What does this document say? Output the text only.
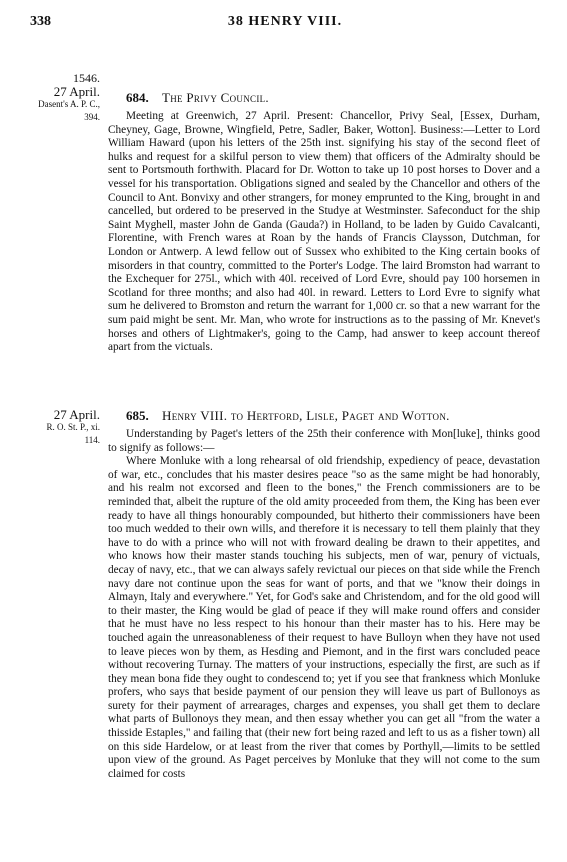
338	38 HENRY VIII.
1546.
27 April.
Dasent's A. P. C., 394.
684. The Privy Council.

Meeting at Greenwich, 27 April. Present: Chancellor, Privy Seal, [Essex, Durham, Cheyney, Gage, Browne, Wingfield, Petre, Sadler, Baker, Wotton]. Business:—Letter to Lord William Haward (upon his letters of the 25th inst. signifying his stay of the second fleet of hulks and request for a skilful person to view them) that officers of the Admiralty should be sent to Portsmouth forthwith. Placard for Dr. Wotton to take up 10 post horses to Dover and a vessel for his transportation. Obligations signed and sealed by the Chancellor and others of the Council to Ant. Bonvixy and other strangers, for money emprunted to the King, brought in and cancelled, but ordered to be preserved in the Studye at Westminster. Safeconduct for the ship Saint Myghell, master John de Ganda (Gauda?) in Holland, to be laden by Guido Cavalcanti, Florentine, with French wares at Roan by the hands of Francis Claysson, Dutchman, for London or Antwerp. A lewd fellow out of Sussex who exhibited to the King certain books of misorders in that country, committed to the Porter's Lodge. The laird Bromston had warrant to the Exchequer for 275l., which with 40l. received of Lord Evre, should pay 100 horsemen in Scotland for three months; and also had 40l. in reward. Letters to Lord Evre to signify what sum he delivered to Bromston and return the warrant for 1,000 cr. so that a new warrant for the sum paid might be sent. Mr. Man, who wrote for instructions as to the passing of Mr. Knevet's horses and others of Lightmaker's, going to the Camp, had answer to keep account thereof apart from the victuals.

27 April.
R. O. St. P., xi. 114.
685. Henry VIII. to Hertford, Lisle, Paget and Wotton.

Understanding by Paget's letters of the 25th their conference with Mon[luke], thinks good to signify as follows:—

Where Monluke with a long rehearsal of old friendship, expediency of peace, devastation of war, etc., concludes that his master desires peace "so as the same might be had honorably, and his realm not excorsed and fleen to the bones," the French commissioners are to be reminded that, albeit the rupture of the old amity proceeded from them, the King has been ever ready to have all things honourably compounded, but hitherto their commissioners have been too much wedded to their own wills, and therefore it is necessary to tell them plainly that they have to do with a prince who will not with froward dealing be drawn to their appetites, and who knows how their master stands touching his subjects, men of war, penury of victuals, decay of navy, etc., that we can always safely revictual our pieces on that side while the French navy dare not continue upon the seas for want of ports, and that we "know their doings in Almayn, Italy and everywhere." Yet, for God's sake and Christendom, and for the old good will to their master, the King would be glad of peace if they will make round offers and consider that he must have no less respect to his honour than their master has to his. Here may be touched again the unreasonableness of their request to have Bulloyn when they have not used to leave pieces won by them, as Hesding and Piemont, and in the first wars concluded peace without recovering Turnay. The matters of your instructions, especially the first, are such as if they mean bona fide they ought to condescend to; yet if you see that frankness which Monluke profers, who says that beside payment of our pension they will leave us part of Bullonoys as surety for their payment of arrearages, charges and expenses, you shall get them to declare what parts of Bullonoys they mean, and then essay whether you can get all "from the water a thisside Estaples," and failing that (their new fort being razed and left to us as a fisher town) all on this side Hardelow, or at least from the river that comes by Porthyll,—limits to be settled upon view of the ground. As Paget perceives by Monluke that they will not come to the sum claimed for costs
